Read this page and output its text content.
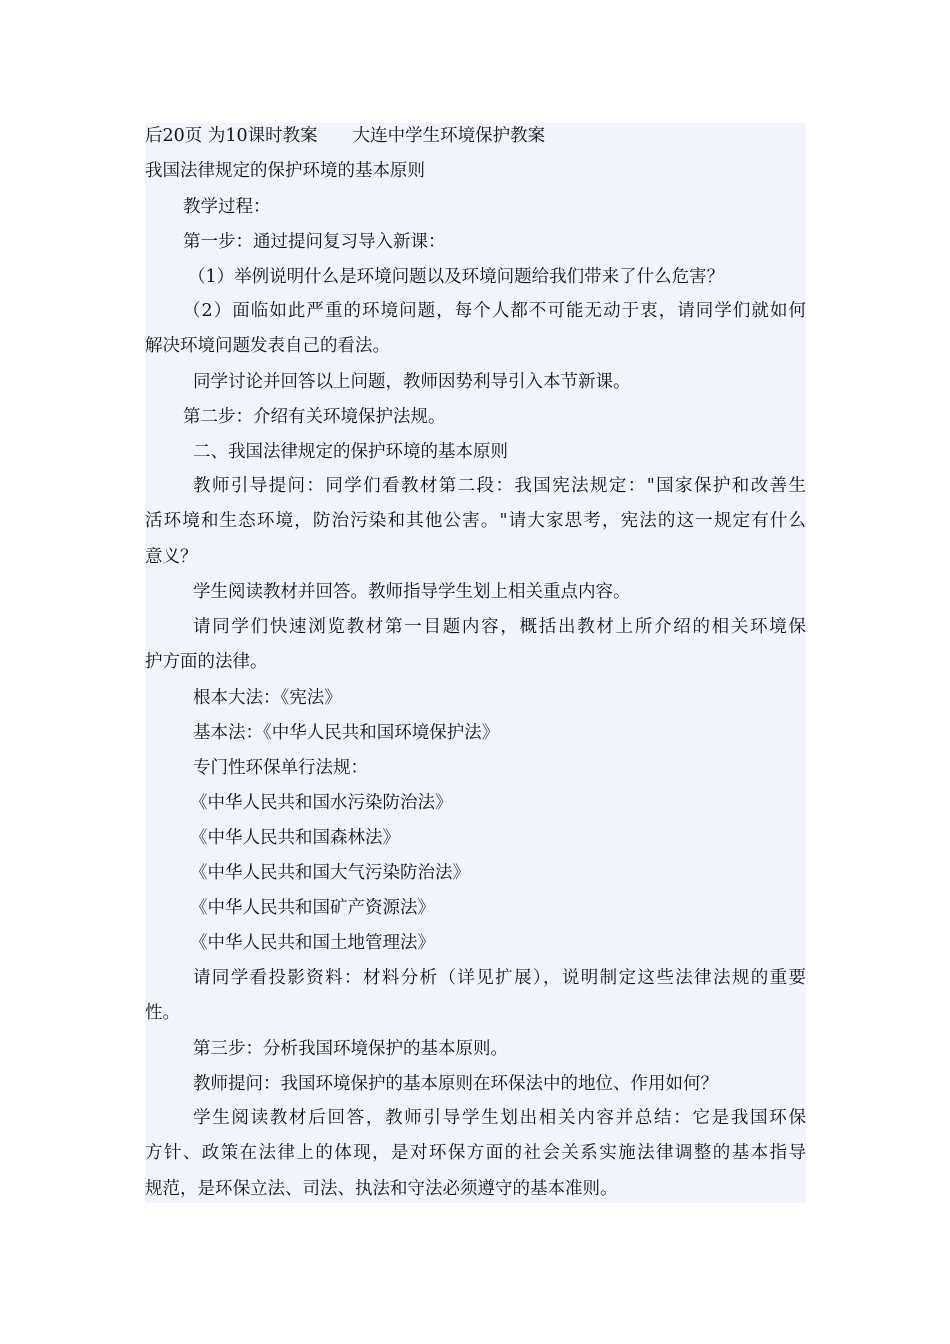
后20页 为10课时教案　　大连中学生环境保护教案
我国法律规定的保护环境的基本原则
教学过程：
第一步：通过提问复习导入新课：
（1）举例说明什么是环境问题以及环境问题给我们带来了什么危害？
（2）面临如此严重的环境问题，每个人都不可能无动于衷，请同学们就如何
解决环境问题发表自己的看法。
同学讨论并回答以上问题，教师因势利导引入本节新课。
第二步：介绍有关环境保护法规。
二、我国法律规定的保护环境的基本原则
教师引导提问：同学们看教材第二段：我国宪法规定："国家保护和改善生
活环境和生态环境，防治污染和其他公害。"请大家思考，宪法的这一规定有什么
意义？
学生阅读教材并回答。教师指导学生划上相关重点内容。
请同学们快速浏览教材第一目题内容，概括出教材上所介绍的相关环境保
护方面的法律。
根本大法：《宪法》
基本法：《中华人民共和国环境保护法》
专门性环保单行法规：
《中华人民共和国水污染防治法》
《中华人民共和国森林法》
《中华人民共和国大气污染防治法》
《中华人民共和国矿产资源法》
《中华人民共和国土地管理法》
请同学看投影资料：材料分析（详见扩展），说明制定这些法律法规的重要
性。
第三步：分析我国环境保护的基本原则。
教师提问：我国环境保护的基本原则在环保法中的地位、作用如何？
学生阅读教材后回答，教师引导学生划出相关内容并总结：它是我国环保
方针、政策在法律上的体现，是对环保方面的社会关系实施法律调整的基本指导
规范，是环保立法、司法、执法和守法必须遵守的基本准则。
